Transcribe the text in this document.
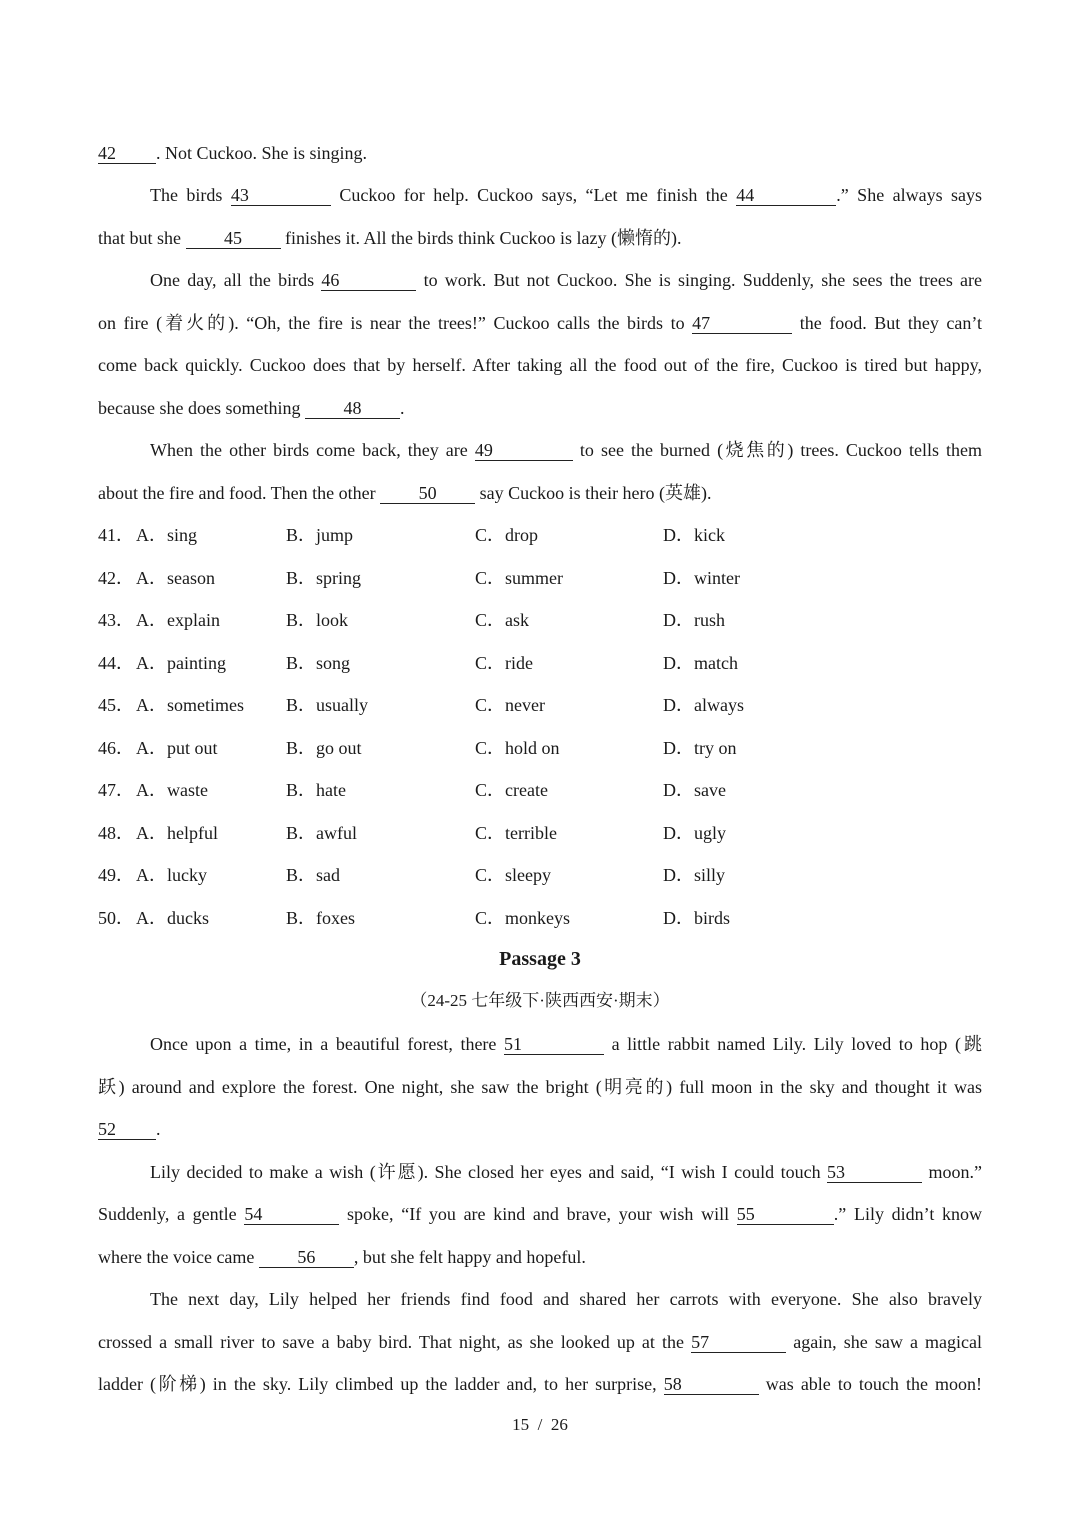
42 . Not Cuckoo. She is singing.
The birds 43	Cuckoo for help. Cuckoo says, “Let me finish the 44	.” She always says
that but she 45 finishes it. All the birds think Cuckoo is lazy (懒惰的).
One day, all the birds 46	to work. But not Cuckoo. She is singing. Suddenly, she sees the trees are
on fire (着火的). “Oh, the fire is near the trees!” Cuckoo calls the birds to 47	the food. But they can’t
come back quickly. Cuckoo does that by herself. After taking all the food out of the fire, Cuckoo is tired but happy,
because she does something 48 .
When the other birds come back, they are 49	to see the burned (烧焦的) trees. Cuckoo tells them
about the fire and food. Then the other 50 say Cuckoo is their hero (英雄).
41． A．sing	B．jump	C．drop	D．kick
42． A．season	B．spring	C．summer	D．winter
43． A．explain	B．look	C．ask	D．rush
44． A．painting	B．song	C．ride	D．match
45． A．sometimes B．usually	C．never	D．always
46． A．put out	B．go out	C．hold on	D．try on
47． A．waste	B．hate	C．create	D．save
48． A．helpful	B．awful	C．terrible	D．ugly
49． A．lucky	B．sad	C．sleepy	D．silly
50． A．ducks	B．foxes	C．monkeys	D．birds
Passage 3
（24-25 七年级下·陕西西安·期末）
Once upon a time, in a beautiful forest, there 51	a little rabbit named Lily. Lily loved to hop (跳
跃) around and explore the forest. One night, she saw the bright (明亮的) full moon in the sky and thought it was
52 .
Lily decided to make a wish (许愿). She closed her eyes and said, “I wish I could touch 53	moon.”
Suddenly, a gentle 54	spoke, “If you are kind and brave, your wish will 55	.” Lily didn’t know
where the voice came 56 , but she felt happy and hopeful.
The next day, Lily helped her friends find food and shared her carrots with everyone. She also bravely
crossed a small river to save a baby bird. That night, as she looked up at the 57	again, she saw a magical
ladder (阶梯) in the sky. Lily climbed up the ladder and, to her surprise, 58	was able to touch the moon!
15 / 26
